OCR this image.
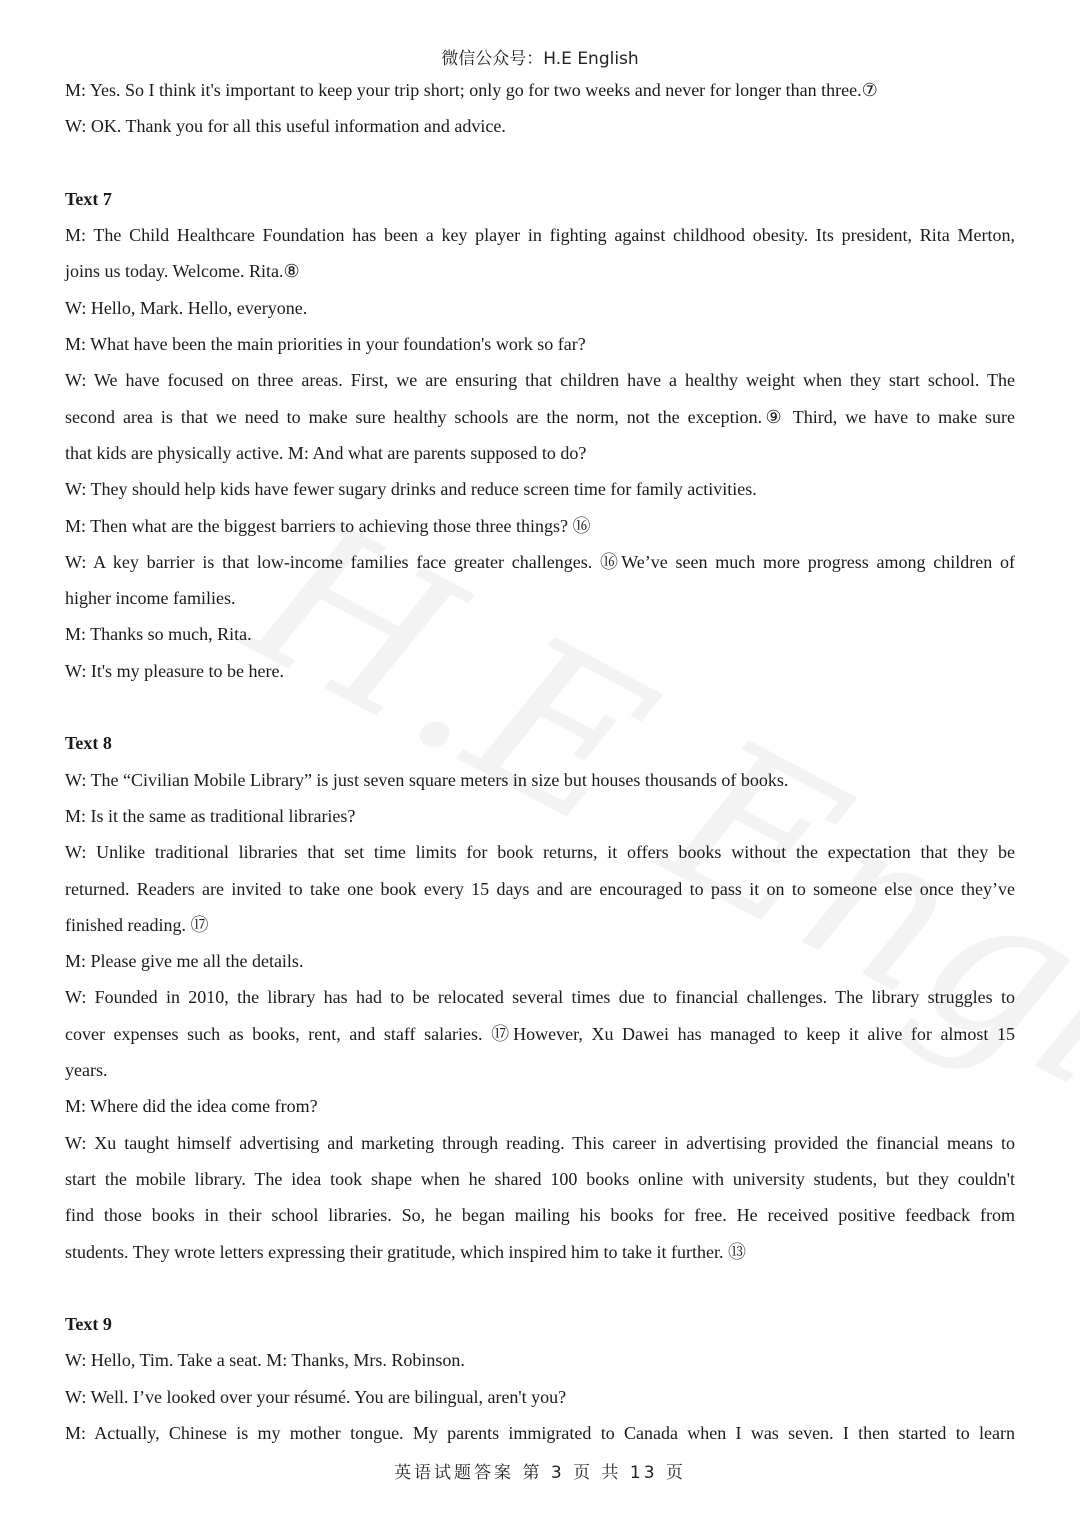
微信公众号：H.E English
M: Yes. So I think it's important to keep your trip short; only go for two weeks and never for longer than three.⑦
W: OK. Thank you for all this useful information and advice.
Text 7
M: The Child Healthcare Foundation has been a key player in fighting against childhood obesity. Its president, Rita Merton,
joins us today. Welcome. Rita.⑧
W: Hello, Mark. Hello, everyone.
M: What have been the main priorities in your foundation's work so far?
W: We have focused on three areas. First, we are ensuring that children have a healthy weight when they start school. The
second area is that we need to make sure healthy schools are the norm, not the exception.⑨ Third, we have to make sure
that kids are physically active. M: And what are parents supposed to do?
W: They should help kids have fewer sugary drinks and reduce screen time for family activities.
M: Then what are the biggest barriers to achieving those three things? ⑯
W: A key barrier is that low-income families face greater challenges. ⑯We’ve seen much more progress among children of
higher income families.
M: Thanks so much, Rita.
W: It's my pleasure to be here.
Text 8
W: The “Civilian Mobile Library” is just seven square meters in size but houses thousands of books.
M: Is it the same as traditional libraries?
W: Unlike traditional libraries that set time limits for book returns, it offers books without the expectation that they be
returned. Readers are invited to take one book every 15 days and are encouraged to pass it on to someone else once they’ve
finished reading. ⑰
M: Please give me all the details.
W: Founded in 2010, the library has had to be relocated several times due to financial challenges. The library struggles to
cover expenses such as books, rent, and staff salaries. ⑰However, Xu Dawei has managed to keep it alive for almost 15
years.
M: Where did the idea come from?
W: Xu taught himself advertising and marketing through reading. This career in advertising provided the financial means to
start the mobile library. The idea took shape when he shared 100 books online with university students, but they couldn't
find those books in their school libraries. So, he began mailing his books for free. He received positive feedback from
students. They wrote letters expressing their gratitude, which inspired him to take it further. ⑬
Text 9
W: Hello, Tim. Take a seat. M: Thanks, Mrs. Robinson.
W: Well. I’ve looked over your résumé. You are bilingual, aren't you?
M: Actually, Chinese is my mother tongue. My parents immigrated to Canada when I was seven. I then started to learn
英语试题答案 第 3 页 共 13 页
